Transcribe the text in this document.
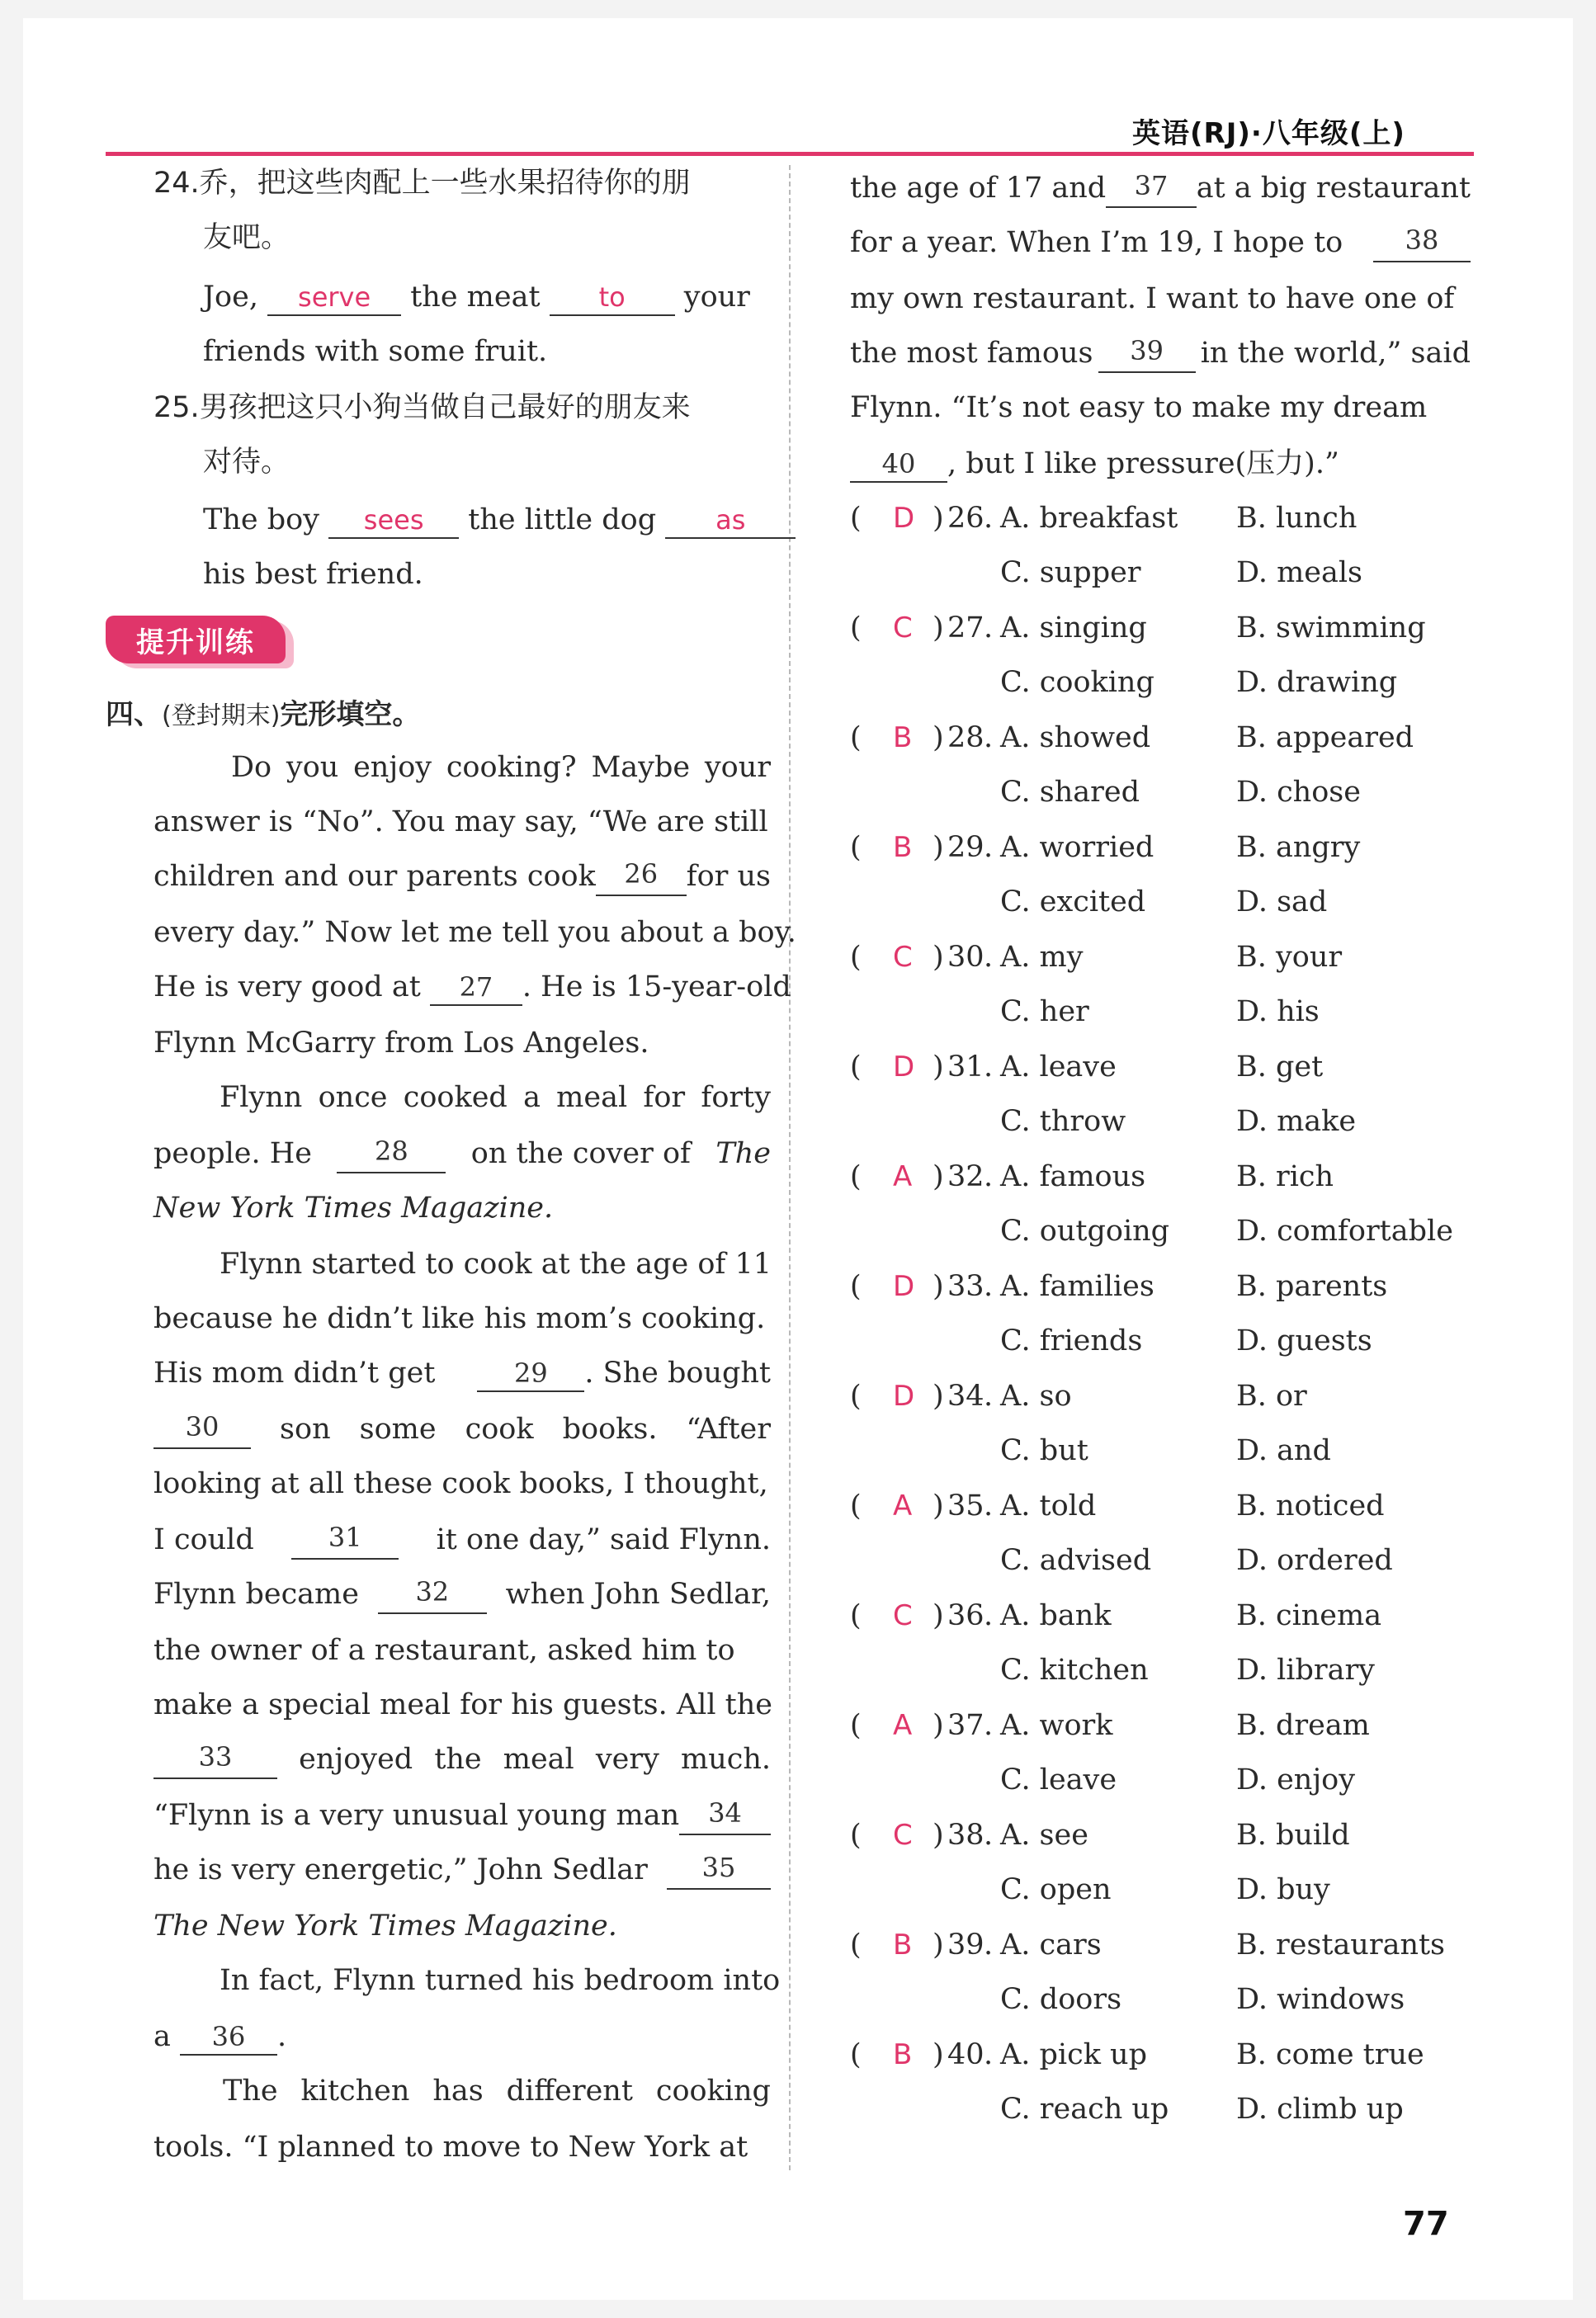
英语(RJ)·八年级(上)
24.乔，把这些肉配上一些水果招待你的朋
友吧。
Joe, serve the meat to your
friends with some fruit.
25.男孩把这只小狗当做自己最好的朋友来
对待。
The boy sees the little dog as
his best friend.
提升训练
四、(登封期末)完形填空。
Do you enjoy cooking? Maybe your
answer is “No”. You may say, “We are still
children and our parents cook	26 for us
every day.” Now let me tell you about a boy.
He is very good at 27 . He is 15-year-old
Flynn McGarry from Los Angeles.
Flynn once cooked a meal for forty
people. He	28	on the cover of The
New York Times Magazine.
Flynn started to cook at the age of 11
because he didn’t like his mom’s cooking.
His mom didn’t get	29 . She bought
30	son some cook books. “After
looking at all these cook books, I thought,
I could	31	it one day,” said Flynn.
Flynn became	32	when John Sedlar,
the owner of a restaurant, asked him to
make a special meal for his guests. All the
33	enjoyed the meal very much.
“Flynn is a very unusual young man	34
he is very energetic,” John Sedlar	35
The New York Times Magazine.
In fact, Flynn turned his bedroom into
a 36 .
The kitchen has different cooking
tools. “I planned to move to New York at
the age of 17 and	37 at a big restaurant
for a year. When I’m 19, I hope to	38
my own restaurant. I want to have one of
the most famous	39	in the world,” said
Flynn. “It’s not easy to make my dream
40 , but I like pressure(压力).”
( D ) 26 . A. breakfast B. lunch
C. supper	D. meals
( C ) 27 . A. singing	B. swimming
C. cooking	D. drawing
( B ) 28 . A. showed	B. appeared
C. shared	D. chose
( B ) 29 . A. worried	B. angry
C. excited	D. sad
( C ) 30 . A. my	B. your
C. her	D. his
( D ) 31 . A. leave	B. get
C. throw	D. make
( A ) 32 . A. famous	B. rich
C. outgoing D. comfortable
( D ) 33 . A. families	B. parents
C. friends	D. guests
( D ) 34 . A. so	B. or
C. but	D. and
( A ) 35 . A. told	B. noticed
C. advised	D. ordered
( C ) 36 . A. bank	B. cinema
C. kitchen	D. library
( A ) 37 . A. work	B. dream
C. leave	D. enjoy
( C ) 38 . A. see	B. build
C. open	D. buy
( B ) 39 . A. cars	B. restaurants
C. doors	D. windows
( B ) 40 . A. pick up	B. come true
C. reach up D. climb up
77
